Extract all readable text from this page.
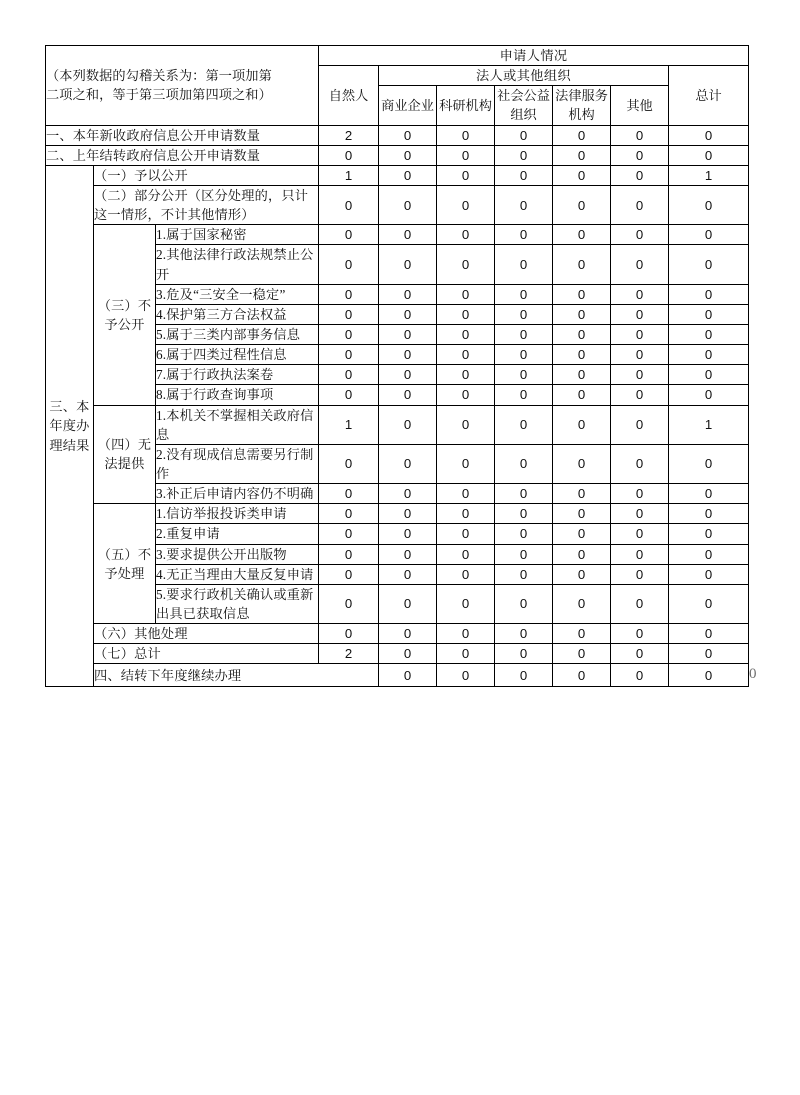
（本列数据的勾稽关系为：第一项加第
二项之和，等于第三项加第四项之和）			申请人情况							
			自然人	法人或其他组织					总计	
				商业企业	科研机构	社会公益组织	法律服务机构	其他		
一、本年新收政府信息公开申请数量			2	0	0	0	0	0	0	
二、上年结转政府信息公开申请数量			0	0	0	0	0	0	0	
三、本年度办理结果	（一）予以公开		1	0	0	0	0	0	1	
	（二）部分公开（区分处理的，只计这一情形，不计其他情形）		0	0	0	0	0	0	0	
	（三）不予公开	1.属于国家秘密	0	0	0	0	0	0	0	
		2.其他法律行政法规禁止公开	0	0	0	0	0	0	0	
		3.危及“三安全一稳定”	0	0	0	0	0	0	0	
		4.保护第三方合法权益	0	0	0	0	0	0	0	
		5.属于三类内部事务信息	0	0	0	0	0	0	0	
		6.属于四类过程性信息	0	0	0	0	0	0	0	
		7.属于行政执法案卷	0	0	0	0	0	0	0	
		8.属于行政查询事项	0	0	0	0	0	0	0	
	（四）无法提供	1.本机关不掌握相关政府信息	1	0	0	0	0	0	1	
		2.没有现成信息需要另行制作	0	0	0	0	0	0	0	
		3.补正后申请内容仍不明确	0	0	0	0	0	0	0	
	（五）不予处理	1.信访举报投诉类申请	0	0	0	0	0	0	0	
		2.重复申请	0	0	0	0	0	0	0	
		3.要求提供公开出版物	0	0	0	0	0	0	0	
		4.无正当理由大量反复申请	0	0	0	0	0	0	0	
		5.要求行政机关确认或重新出具已获取信息	0	0	0	0	0	0	0	
	（六）其他处理		0	0	0	0	0	0	0	
	（七）总计		2	0	0	0	0	0	0	
	四、结转下年度继续办理			0	0	0	0	0	0	0
